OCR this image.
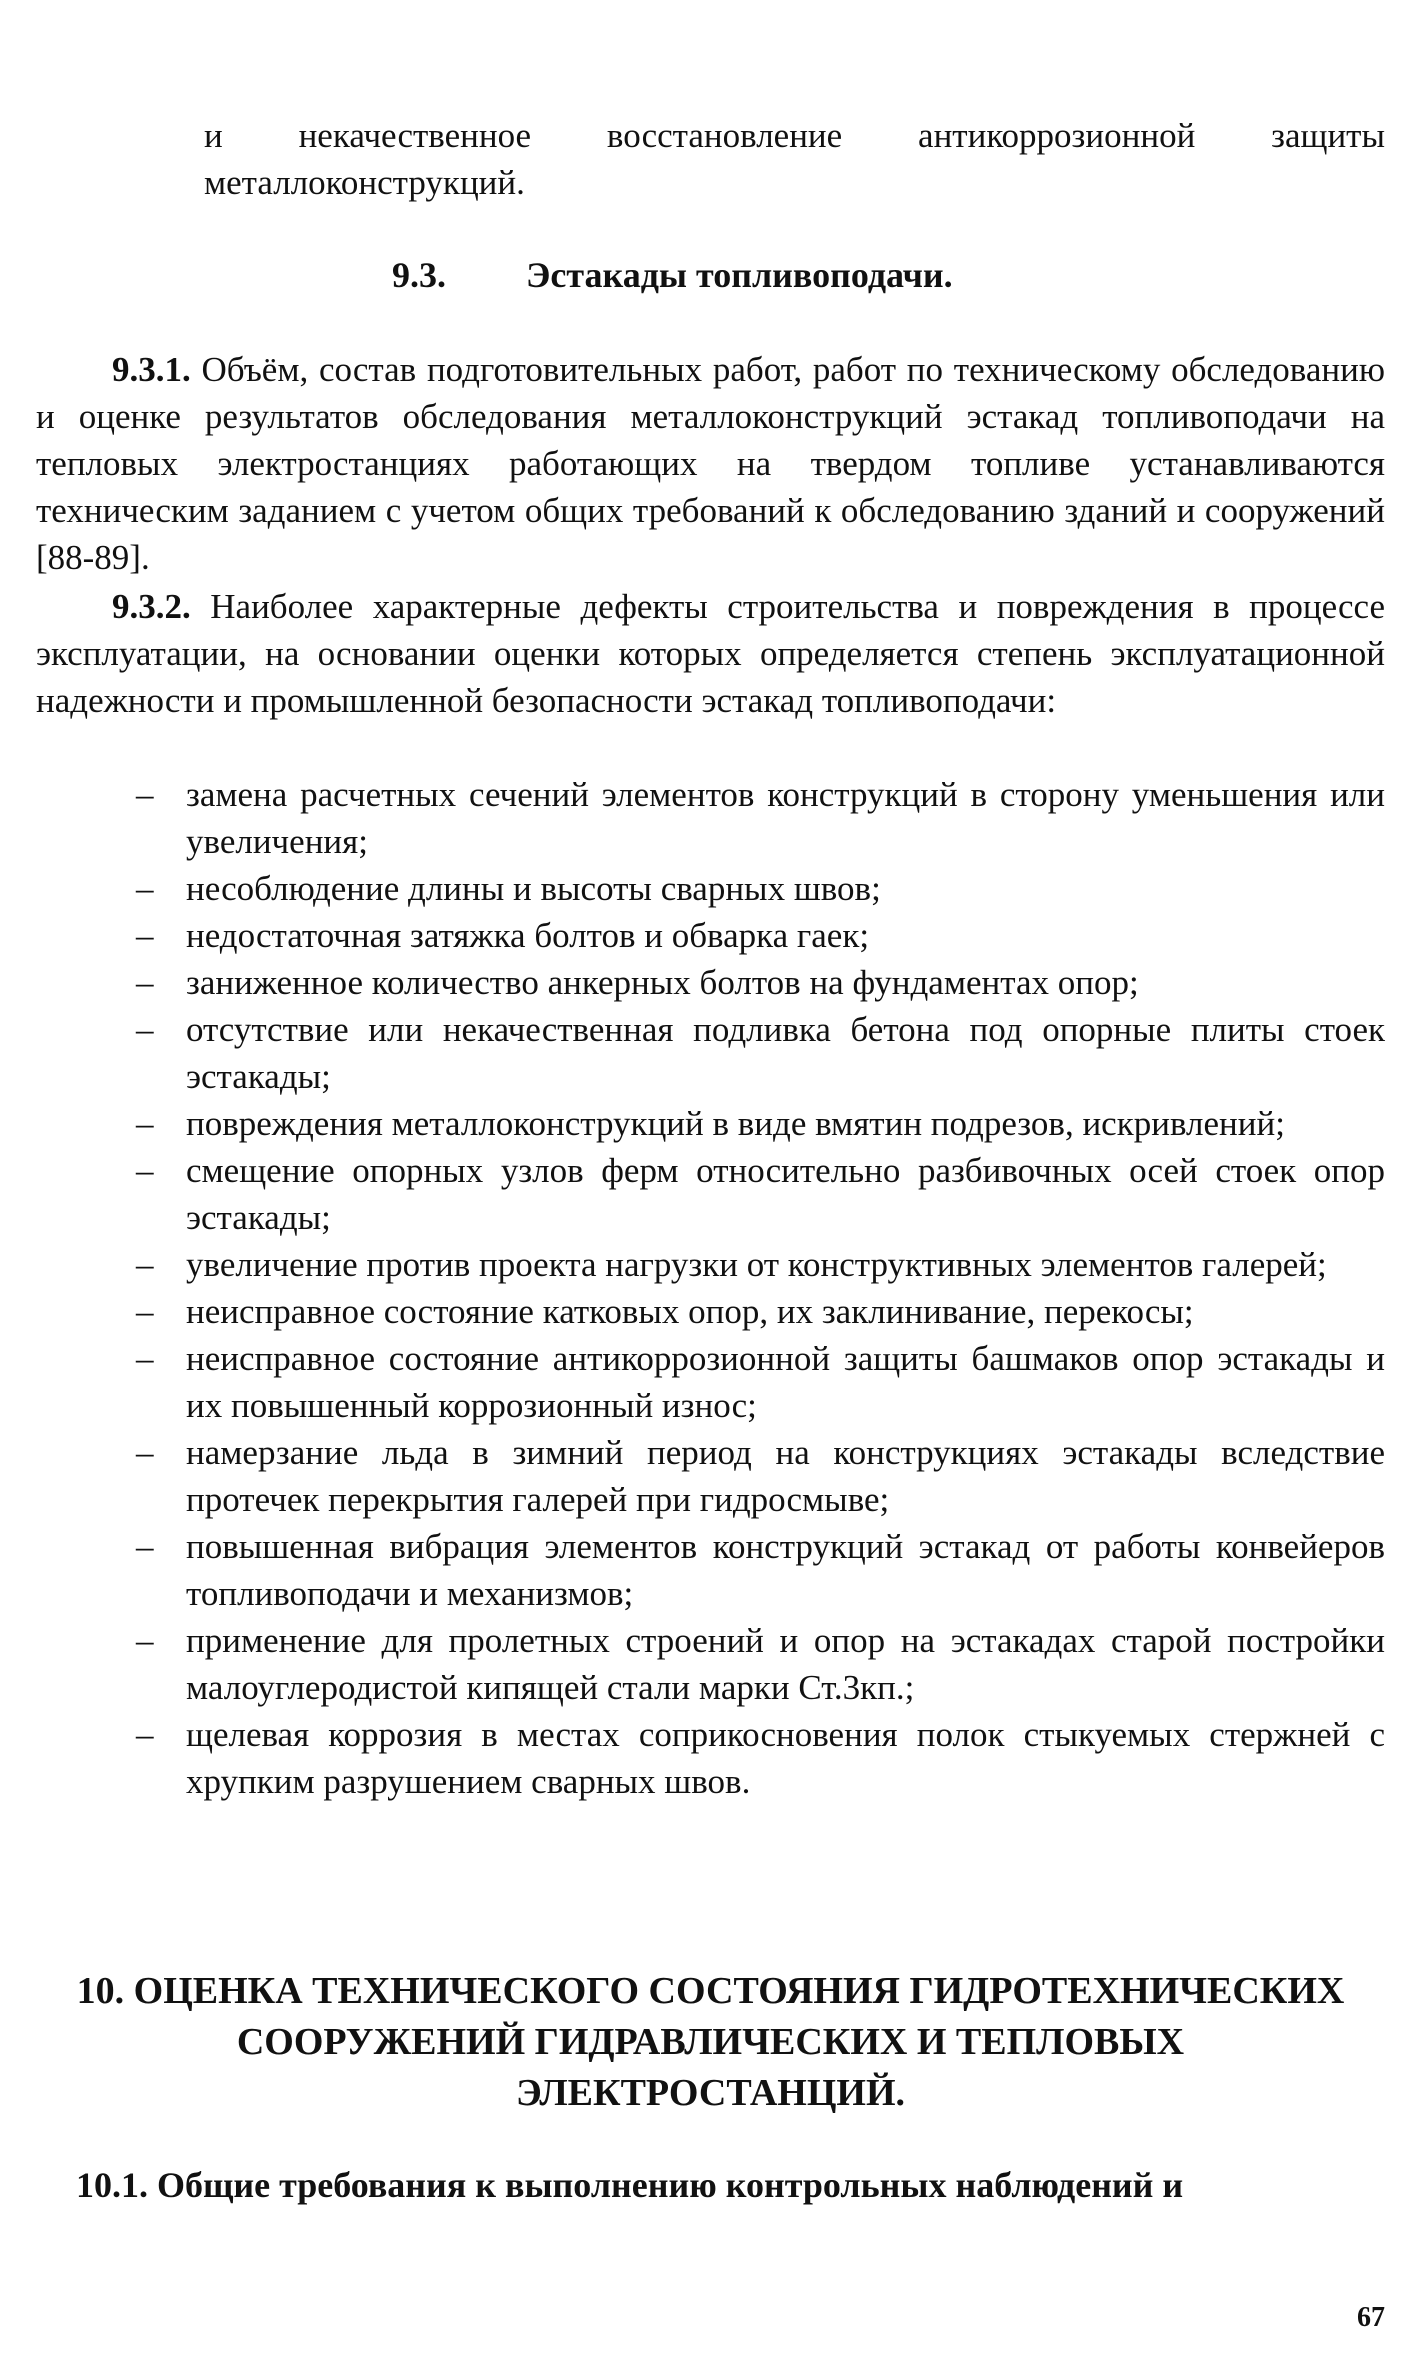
и некачественное восстановление антикоррозионной защиты металлоконструкций.
9.3. Эстакады топливоподачи.
9.3.1. Объём, состав подготовительных работ, работ по техническому обследованию и оценке результатов обследования металлоконструкций эстакад топливоподачи на тепловых электростанциях работающих на твердом топливе устанавливаются техническим заданием с учетом общих требований к обследованию зданий и сооружений [88-89].
9.3.2. Наиболее характерные дефекты строительства и повреждения в процессе эксплуатации, на основании оценки которых определяется степень эксплуатационной надежности и промышленной безопасности эстакад топливоподачи:
– замена расчетных сечений элементов конструкций в сторону уменьшения или увеличения;
– несоблюдение длины и высоты сварных швов;
– недостаточная затяжка болтов и обварка гаек;
– заниженное количество анкерных болтов на фундаментах опор;
– отсутствие или некачественная подливка бетона под опорные плиты стоек эстакады;
– повреждения металлоконструкций в виде вмятин подрезов, искривлений;
– смещение опорных узлов ферм относительно разбивочных осей стоек опор эстакады;
– увеличение против проекта нагрузки от конструктивных элементов галерей;
– неисправное состояние катковых опор, их заклинивание, перекосы;
– неисправное состояние антикоррозионной защиты башмаков опор эстакады и их повышенный коррозионный износ;
– намерзание льда в зимний период на конструкциях эстакады вследствие протечек перекрытия галерей при гидросмыве;
– повышенная вибрация элементов конструкций эстакад от работы конвейеров топливоподачи и механизмов;
– применение для пролетных строений и опор на эстакадах старой постройки малоуглеродистой кипящей стали марки Ст.3кп.;
– щелевая коррозия в местах соприкосновения полок стыкуемых стержней с хрупким разрушением сварных швов.
10. ОЦЕНКА ТЕХНИЧЕСКОГО СОСТОЯНИЯ ГИДРОТЕХНИЧЕСКИХ
СООРУЖЕНИЙ ГИДРАВЛИЧЕСКИХ И ТЕПЛОВЫХ
ЭЛЕКТРОСТАНЦИЙ.
10.1. Общие требования к выполнению контрольных наблюдений и
67
